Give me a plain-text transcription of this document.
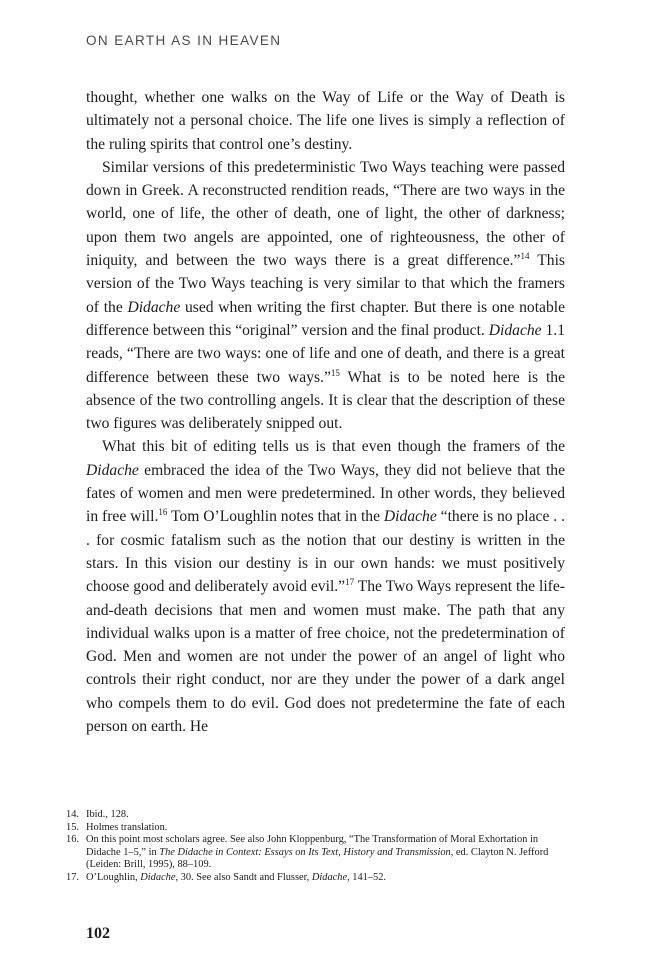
ON EARTH AS IN HEAVEN

thought, whether one walks on the Way of Life or the Way of Death is ultimately not a personal choice. The life one lives is simply a reflection of the ruling spirits that control one’s destiny.

Similar versions of this predeterministic Two Ways teaching were passed down in Greek. A reconstructed rendition reads, “There are two ways in the world, one of life, the other of death, one of light, the other of darkness; upon them two angels are appointed, one of righteousness, the other of iniquity, and between the two ways there is a great difference.”$^{14}$ This version of the Two Ways teaching is very similar to that which the framers of the Didache used when writing the first chapter. But there is one notable difference between this “original” version and the final product. Didache 1.1 reads, “There are two ways: one of life and one of death, and there is a great difference between these two ways.”$^{15}$ What is to be noted here is the absence of the two controlling angels. It is clear that the description of these two figures was deliberately snipped out.

What this bit of editing tells us is that even though the framers of the Didache embraced the idea of the Two Ways, they did not believe that the fates of women and men were predetermined. In other words, they believed in free will.$^{16}$ Tom O’Loughlin notes that in the Didache “there is no place . . . for cosmic fatalism such as the notion that our destiny is written in the stars. In this vision our destiny is in our own hands: we must positively choose good and deliberately avoid evil.”$^{17}$ The Two Ways represent the life-and-death decisions that men and women must make. The path that any individual walks upon is a matter of free choice, not the predetermination of God. Men and women are not under the power of an angel of light who controls their right conduct, nor are they under the power of a dark angel who compels them to do evil. God does not predetermine the fate of each person on earth. He

14. Ibid., 128.
15. Holmes translation.
16. On this point most scholars agree. See also John Kloppenburg, “The Transformation of Moral Exhortation in Didache 1–5,” in The Didache in Context: Essays on Its Text, History and Transmission, ed. Clayton N. Jefford (Leiden: Brill, 1995), 88–109.
17. O’Loughlin, Didache, 30. See also Sandt and Flusser, Didache, 141–52.
102
